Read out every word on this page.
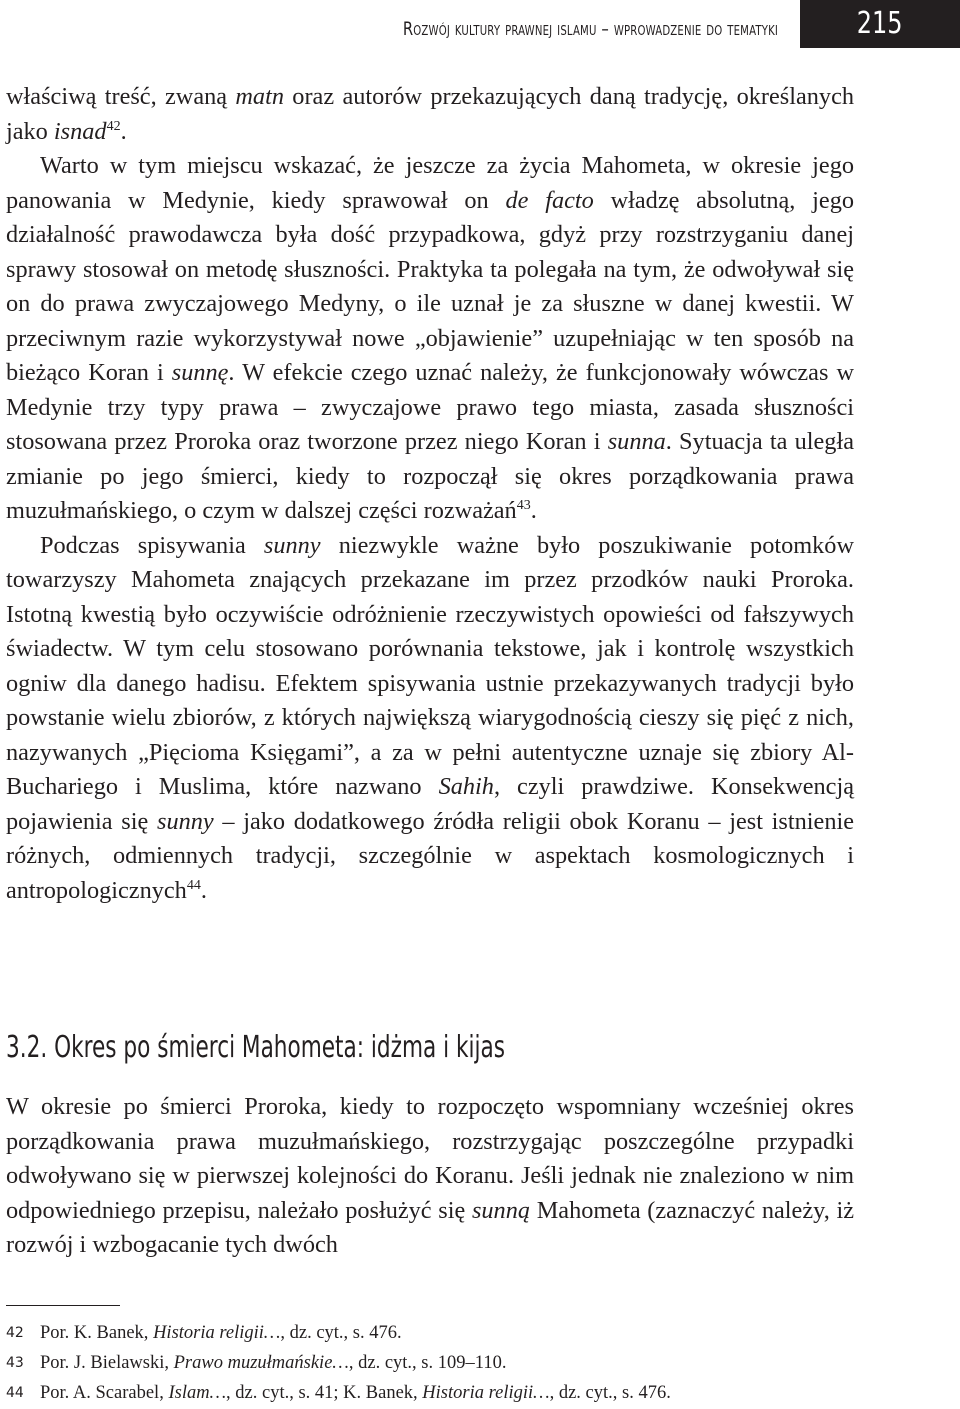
Rozwój kultury prawnej islamu – wprowadzenie do tematyki	215

właściwą treść, zwaną matn oraz autorów przekazujących daną tradycję, określanych jako isnad$^{42}$.

Warto w tym miejscu wskazać, że jeszcze za życia Mahometa, w okresie jego panowania w Medynie, kiedy sprawował on de facto władzę absolutną, jego działalność prawodawcza była dość przypadkowa, gdyż przy rozstrzyganiu danej sprawy stosował on metodę słuszności. Praktyka ta polegała na tym, że odwoływał się on do prawa zwyczajowego Medyny, o ile uznał je za słuszne w danej kwestii. W przeciwnym razie wykorzystywał nowe „objawienie” uzupełniając w ten sposób na bieżąco Koran i sunnę. W efekcie czego uznać należy, że funkcjonowały wówczas w Medynie trzy typy prawa – zwyczajowe prawo tego miasta, zasada słuszności stosowana przez Proroka oraz tworzone przez niego Koran i sunna. Sytuacja ta uległa zmianie po jego śmierci, kiedy to rozpoczął się okres porządkowania prawa muzułmańskiego, o czym w dalszej części rozważań$^{43}$.

Podczas spisywania sunny niezwykle ważne było poszukiwanie potomków towarzyszy Mahometa znających przekazane im przez przodków nauki Proroka. Istotną kwestią było oczywiście odróżnienie rzeczywistych opowieści od fałszywych świadectw. W tym celu stosowano porównania tekstowe, jak i kontrolę wszystkich ogniw dla danego hadisu. Efektem spisywania ustnie przekazywanych tradycji było powstanie wielu zbiorów, z których największą wiarygodnością cieszy się pięć z nich, nazywanych „Pięcioma Księgami”, a za w pełni autentyczne uznaje się zbiory Al-Buchariego i Muslima, które nazwano Sahih, czyli prawdziwe. Konsekwencją pojawienia się sunny – jako dodatkowego źródła religii obok Koranu – jest istnienie różnych, odmiennych tradycji, szczególnie w aspektach kosmologicznych i antropologicznych$^{44}$.

3.2. Okres po śmierci Mahometa: idżma i kijas

W okresie po śmierci Proroka, kiedy to rozpoczęto wspomniany wcześniej okres porządkowania prawa muzułmańskiego, rozstrzygając poszczególne przypadki odwoływano się w pierwszej kolejności do Koranu. Jeśli jednak nie znaleziono w nim odpowiedniego przepisu, należało posłużyć się sunną Mahometa (zaznaczyć należy, iż rozwój i wzbogacanie tych dwóch

42 Por. K. Banek, Historia religii…, dz. cyt., s. 476.
43 Por. J. Bielawski, Prawo muzułmańskie…, dz. cyt., s. 109–110.
44 Por. A. Scarabel, Islam…, dz. cyt., s. 41; K. Banek, Historia religii…, dz. cyt., s. 476.
